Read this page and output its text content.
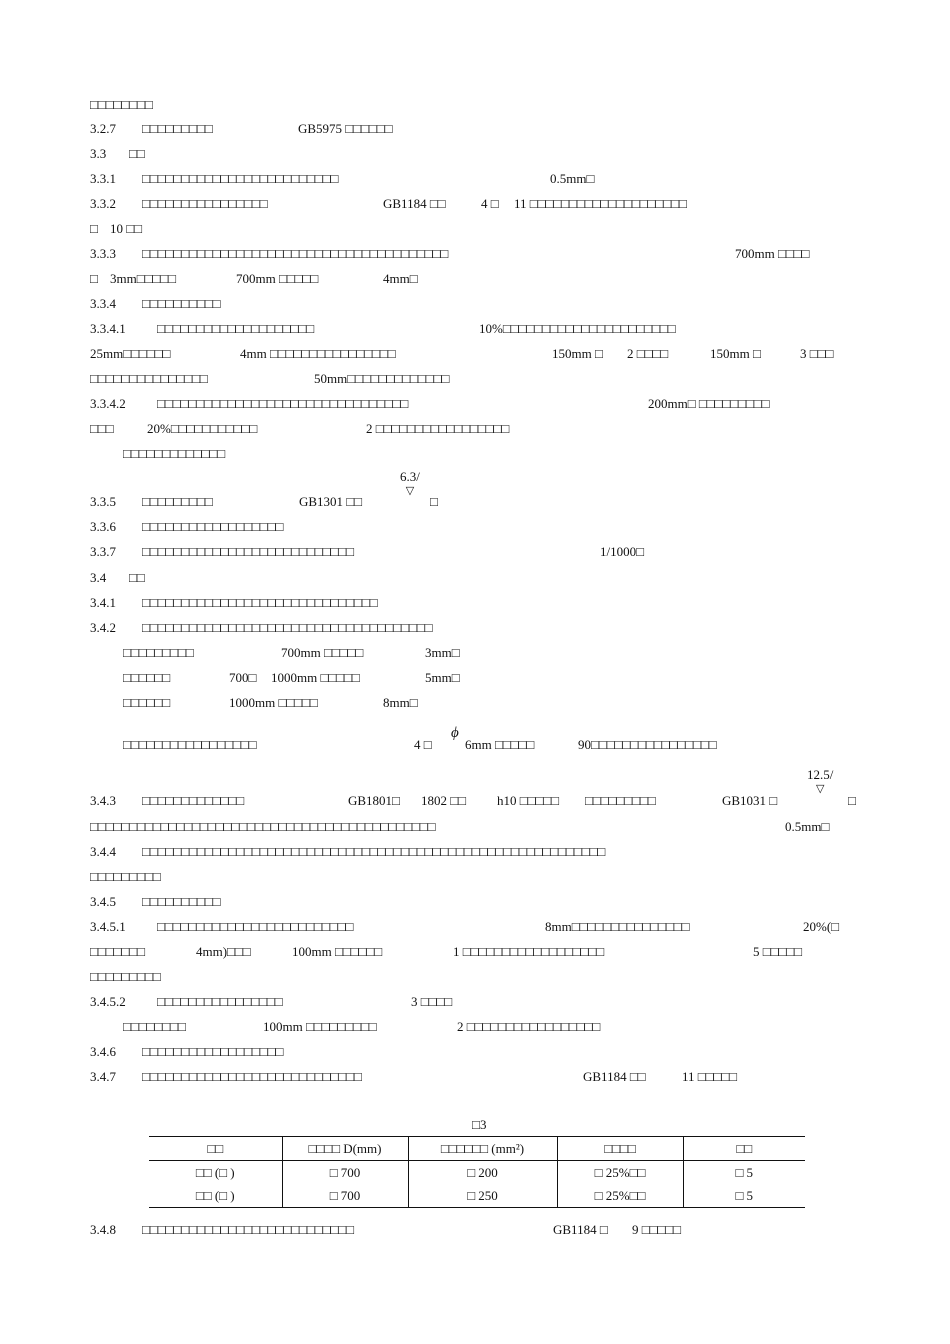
□□□□□□□□
3.2.7 □□□□□□□□□	GB5975 □□□□□□
3.3 □□
3.3.1 □□□□□□□□□□□□□□□□□□□□□□□□□	0.5mm□
3.3.2 □□□□□□□□□□□□□□□□	GB1184 □□	4 □ 11 □□□□□□□□□□□□□□□□□□□□
□ 10 □□
3.3.3 □□□□□□□□□□□□□□□□□□□□□□□□□□□□□□□□□□□□□□□	700mm □□□□
□ 3mm□□□□□	700mm □□□□□	4mm□
3.3.4 □□□□□□□□□□
3.3.4.1 □□□□□□□□□□□□□□□□□□□□	10%□□□□□□□□□□□□□□□□□□□□□□
25mm□□□□□□	4mm □□□□□□□□□□□□□□□□	150mm □ 2 □□□□	150mm □	3 □□□
□□□□□□□□□□□□□□□	50mm□□□□□□□□□□□□□
3.3.4.2 □□□□□□□□□□□□□□□□□□□□□□□□□□□□□□□□	200mm□ □□□□□□□□□
□□□	20%□□□□□□□□□□□	2 □□□□□□□□□□□□□□□□□
□□□□□□□□□□□□□
3.3.5 □□□□□□□□□	GB1301 □□	□
3.3.6 □□□□□□□□□□□□□□□□□□
3.3.7 □□□□□□□□□□□□□□□□□□□□□□□□□□□	1/1000□
3.4 □□
3.4.1 □□□□□□□□□□□□□□□□□□□□□□□□□□□□□□
3.4.2 □□□□□□□□□□□□□□□□□□□□□□□□□□□□□□□□□□□□□
□□□□□□□□□	700mm □□□□□	3mm□
□□□□□□	700□ 1000mm □□□□□	5mm□
□□□□□□	1000mm □□□□□	8mm□
□□□□□□□□□□□□□□□□□	4 □	6mm □□□□□	90□□□□□□□□□□□□□□□□
3.4.3 □□□□□□□□□□□□□	GB1801□ 1802 □□ h10 □□□□□ □□□□□□□□□	GB1031 □	□
□□□□□□□□□□□□□□□□□□□□□□□□□□□□□□□□□□□□□□□□□□□□	0.5mm□
3.4.4 □□□□□□□□□□□□□□□□□□□□□□□□□□□□□□□□□□□□□□□□□□□□□□□□□□□□□□□□□□□
□□□□□□□□□
3.4.5 □□□□□□□□□□
3.4.5.1 □□□□□□□□□□□□□□□□□□□□□□□□□	8mm□□□□□□□□□□□□□□□	20%(□
□□□□□□□	4mm)□□□	100mm □□□□□□	1 □□□□□□□□□□□□□□□□□□	5 □□□□□
□□□□□□□□□
3.4.5.2 □□□□□□□□□□□□□□□□	3 □□□□
□□□□□□□□	100mm □□□□□□□□□	2 □□□□□□□□□□□□□□□□□
3.4.6 □□□□□□□□□□□□□□□□□□
3.4.7 □□□□□□□□□□□□□□□□□□□□□□□□□□□□	GB1184 □□	11 □□□□□
□ 3
3.4.8 □□□□□□□□□□□□□□□□□□□□□□□□□□□	GB1184 □ 9 □□□□□
6.3/
▽
12.5/
▽
ϕ
□□	□□□□ D(mm)	□□□□□□ (mm²)	□□□□	□□
□□ (□ )	□ 700	□ 200	□ 25%□□	□ 5
□□ (□ )	□ 700	□ 250	□ 25%□□	□ 5
